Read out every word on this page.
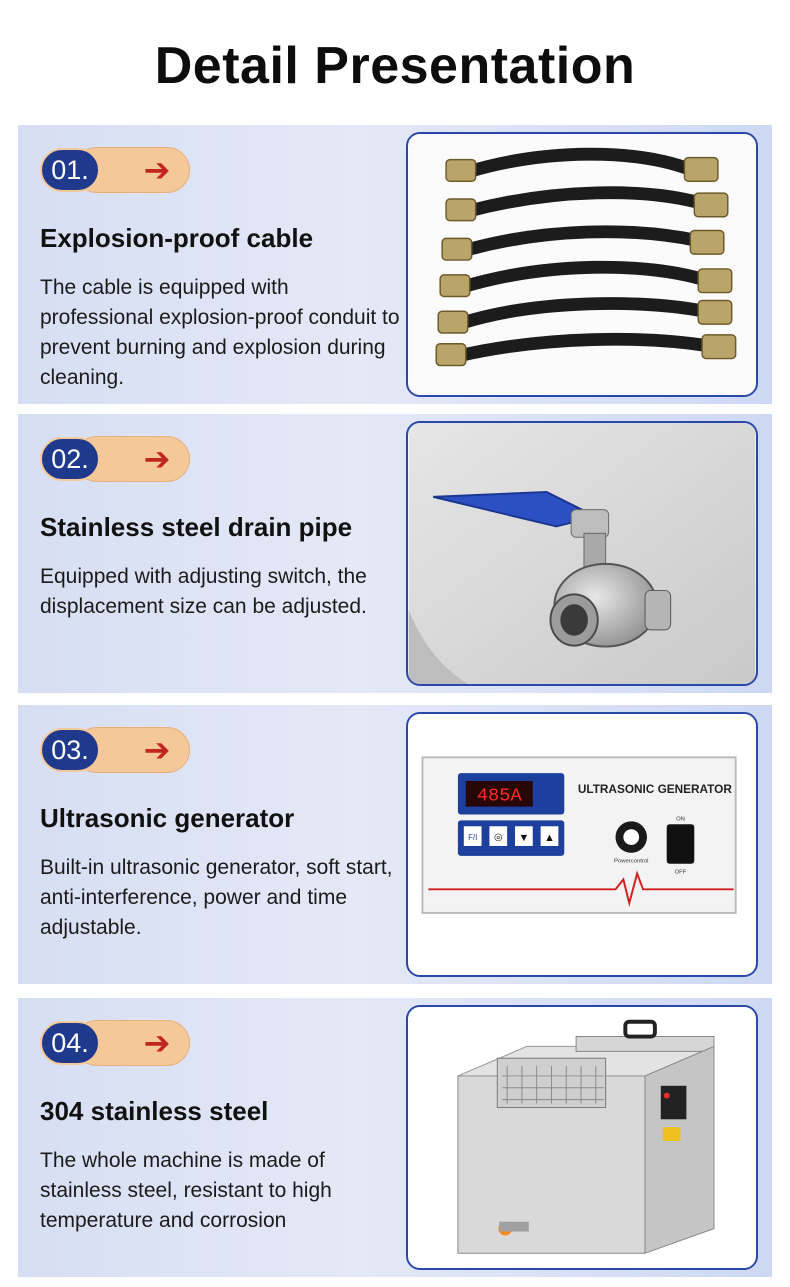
Detail Presentation
01.	➔
Explosion-proof cable
The cable is equipped with professional explosion-proof conduit to prevent burning and explosion during cleaning.
02.	➔
Stainless steel drain pipe
Equipped with adjusting switch, the displacement size can be adjusted.
03.	➔
Ultrasonic generator
Built-in ultrasonic generator, soft start, anti-interference, power and time adjustable.
485A
F/I ◎ ▼ ▲
ULTRASONIC GENERATOR
Powercontrol
ON
OFF
04.	➔
304 stainless steel
The whole machine is made of stainless steel, resistant to high temperature and corrosion
